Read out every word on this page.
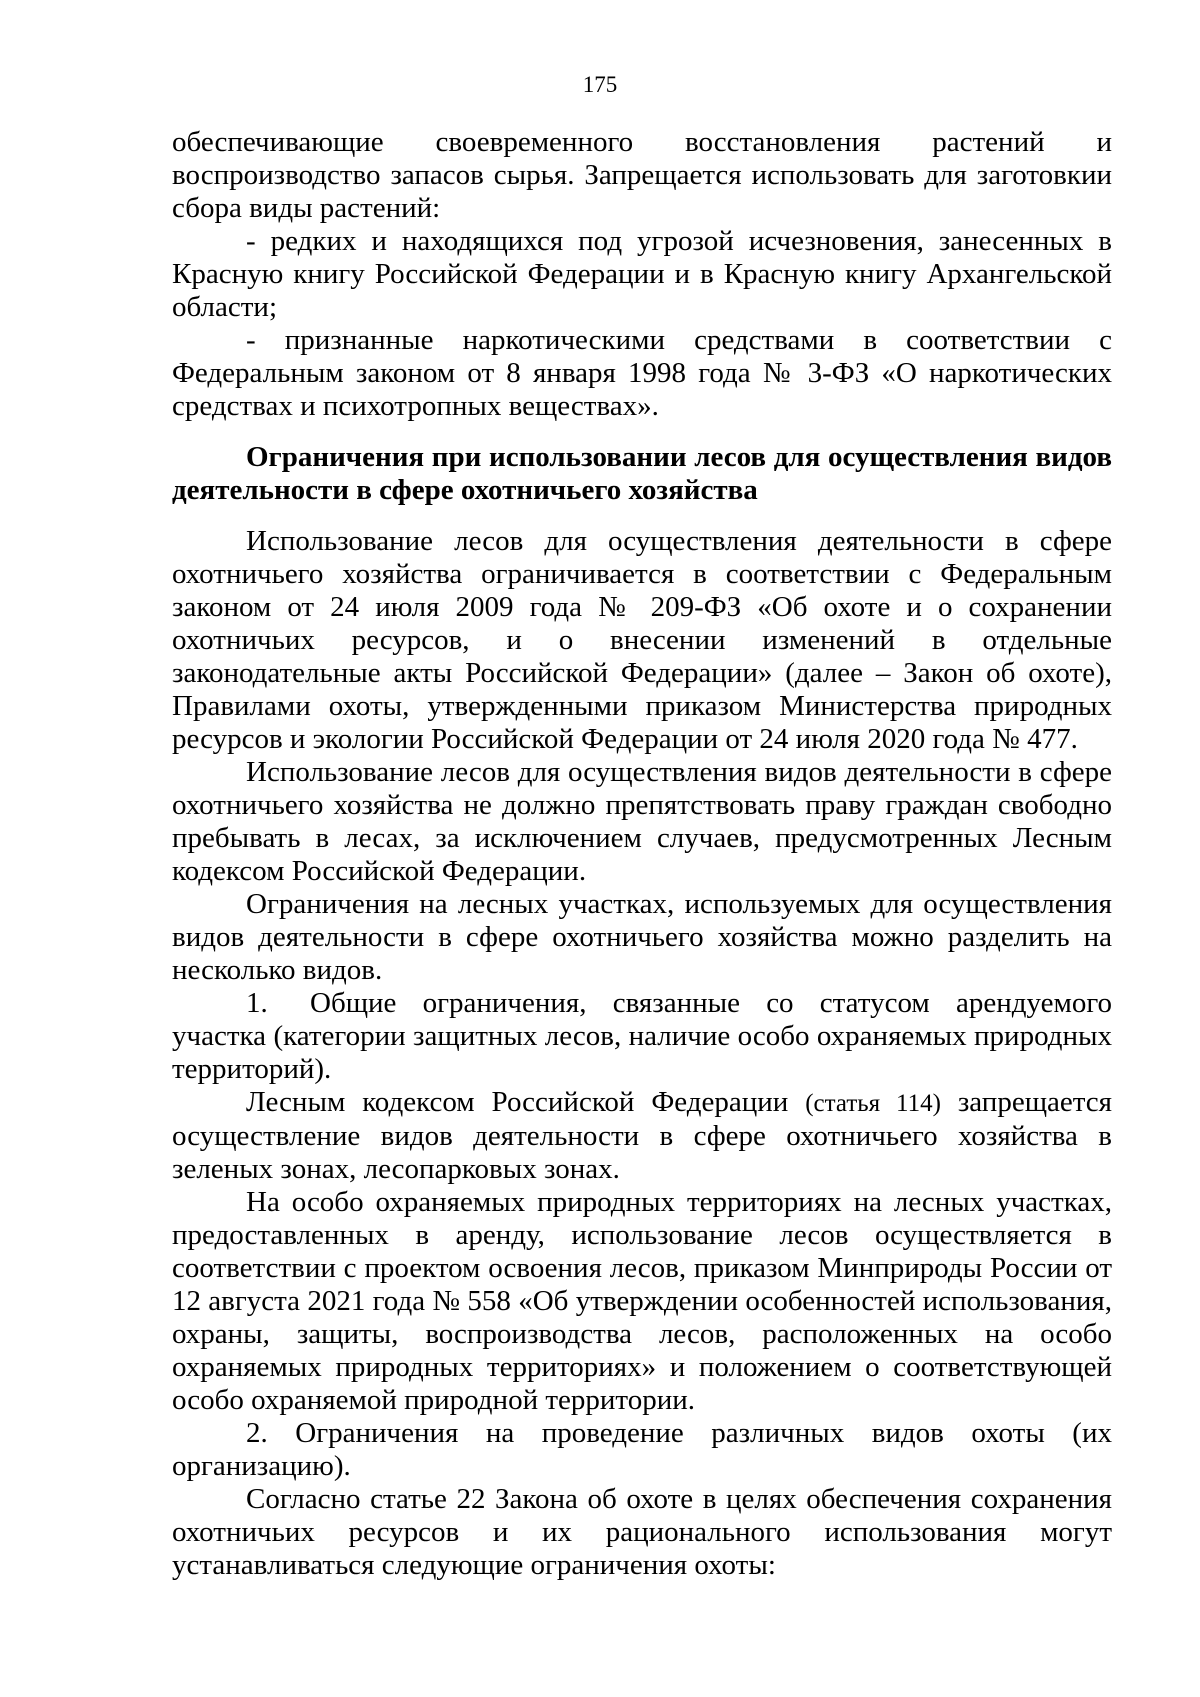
175

обеспечивающие своевременного восстановления растений и воспроизводство запасов сырья. Запрещается использовать для заготовкии сбора виды растений:

- редких и находящихся под угрозой исчезновения, занесенных в Красную книгу Российской Федерации и в Красную книгу Архангельской области;

- признанные наркотическими средствами в соответствии с Федеральным законом от 8 января 1998 года № 3-ФЗ «О наркотических средствах и психотропных веществах».

Ограничения при использовании лесов для осуществления видов деятельности в сфере охотничьего хозяйства

Использование лесов для осуществления деятельности в сфере охотничьего хозяйства ограничивается в соответствии с Федеральным законом от 24 июля 2009 года № 209-ФЗ «Об охоте и о сохранении охотничьих ресурсов, и о внесении изменений в отдельные законодательные акты Российской Федерации» (далее – Закон об охоте), Правилами охоты, утвержденными приказом Министерства природных ресурсов и экологии Российской Федерации от 24 июля 2020 года № 477.

Использование лесов для осуществления видов деятельности в сфере охотничьего хозяйства не должно препятствовать праву граждан свободно пребывать в лесах, за исключением случаев, предусмотренных Лесным кодексом Российской Федерации.

Ограничения на лесных участках, используемых для осуществления видов деятельности в сфере охотничьего хозяйства можно разделить на несколько видов.

1. Общие ограничения, связанные со статусом арендуемого участка (категории защитных лесов, наличие особо охраняемых природных территорий).

Лесным кодексом Российской Федерации (статья 114) запрещается осуществление видов деятельности в сфере охотничьего хозяйства в зеленых зонах, лесопарковых зонах.

На особо охраняемых природных территориях на лесных участках, предоставленных в аренду, использование лесов осуществляется в соответствии с проектом освоения лесов, приказом Минприроды России от 12 августа 2021 года № 558 «Об утверждении особенностей использования, охраны, защиты, воспроизводства лесов, расположенных на особо охраняемых природных территориях» и положением о соответствующей особо охраняемой природной территории.

2. Ограничения на проведение различных видов охоты (их организацию).

Согласно статье 22 Закона об охоте в целях обеспечения сохранения охотничьих ресурсов и их рационального использования могут устанавливаться следующие ограничения охоты:
